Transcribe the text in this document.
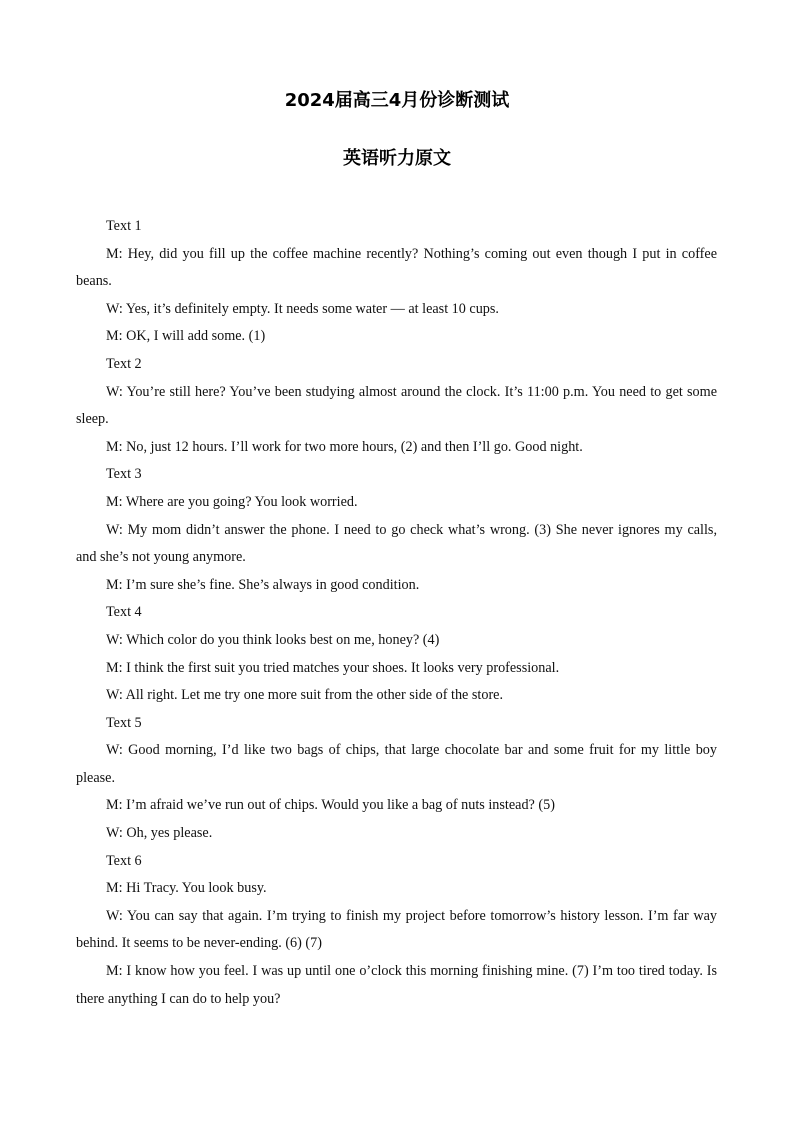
2024届高三4月份诊断测试
英语听力原文

Text 1

M: Hey, did you fill up the coffee machine recently? Nothing’s coming out even though I put in coffee beans.

W: Yes, it’s definitely empty. It needs some water — at least 10 cups.

M: OK, I will add some. (1)

Text 2

W: You’re still here? You’ve been studying almost around the clock. It’s 11:00 p.m. You need to get some sleep.

M: No, just 12 hours. I’ll work for two more hours, (2) and then I’ll go. Good night.

Text 3

M: Where are you going? You look worried.

W: My mom didn’t answer the phone. I need to go check what’s wrong. (3) She never ignores my calls, and she’s not young anymore.

M: I’m sure she’s fine. She’s always in good condition.

Text 4

W: Which color do you think looks best on me, honey? (4)

M: I think the first suit you tried matches your shoes. It looks very professional.

W: All right. Let me try one more suit from the other side of the store.

Text 5

W: Good morning, I’d like two bags of chips, that large chocolate bar and some fruit for my little boy please.

M: I’m afraid we’ve run out of chips. Would you like a bag of nuts instead? (5)

W: Oh, yes please.

Text 6

M: Hi Tracy. You look busy.

W: You can say that again. I’m trying to finish my project before tomorrow’s history lesson. I’m far way behind. It seems to be never-ending. (6) (7)

M: I know how you feel. I was up until one o’clock this morning finishing mine. (7) I’m too tired today. Is there anything I can do to help you?
